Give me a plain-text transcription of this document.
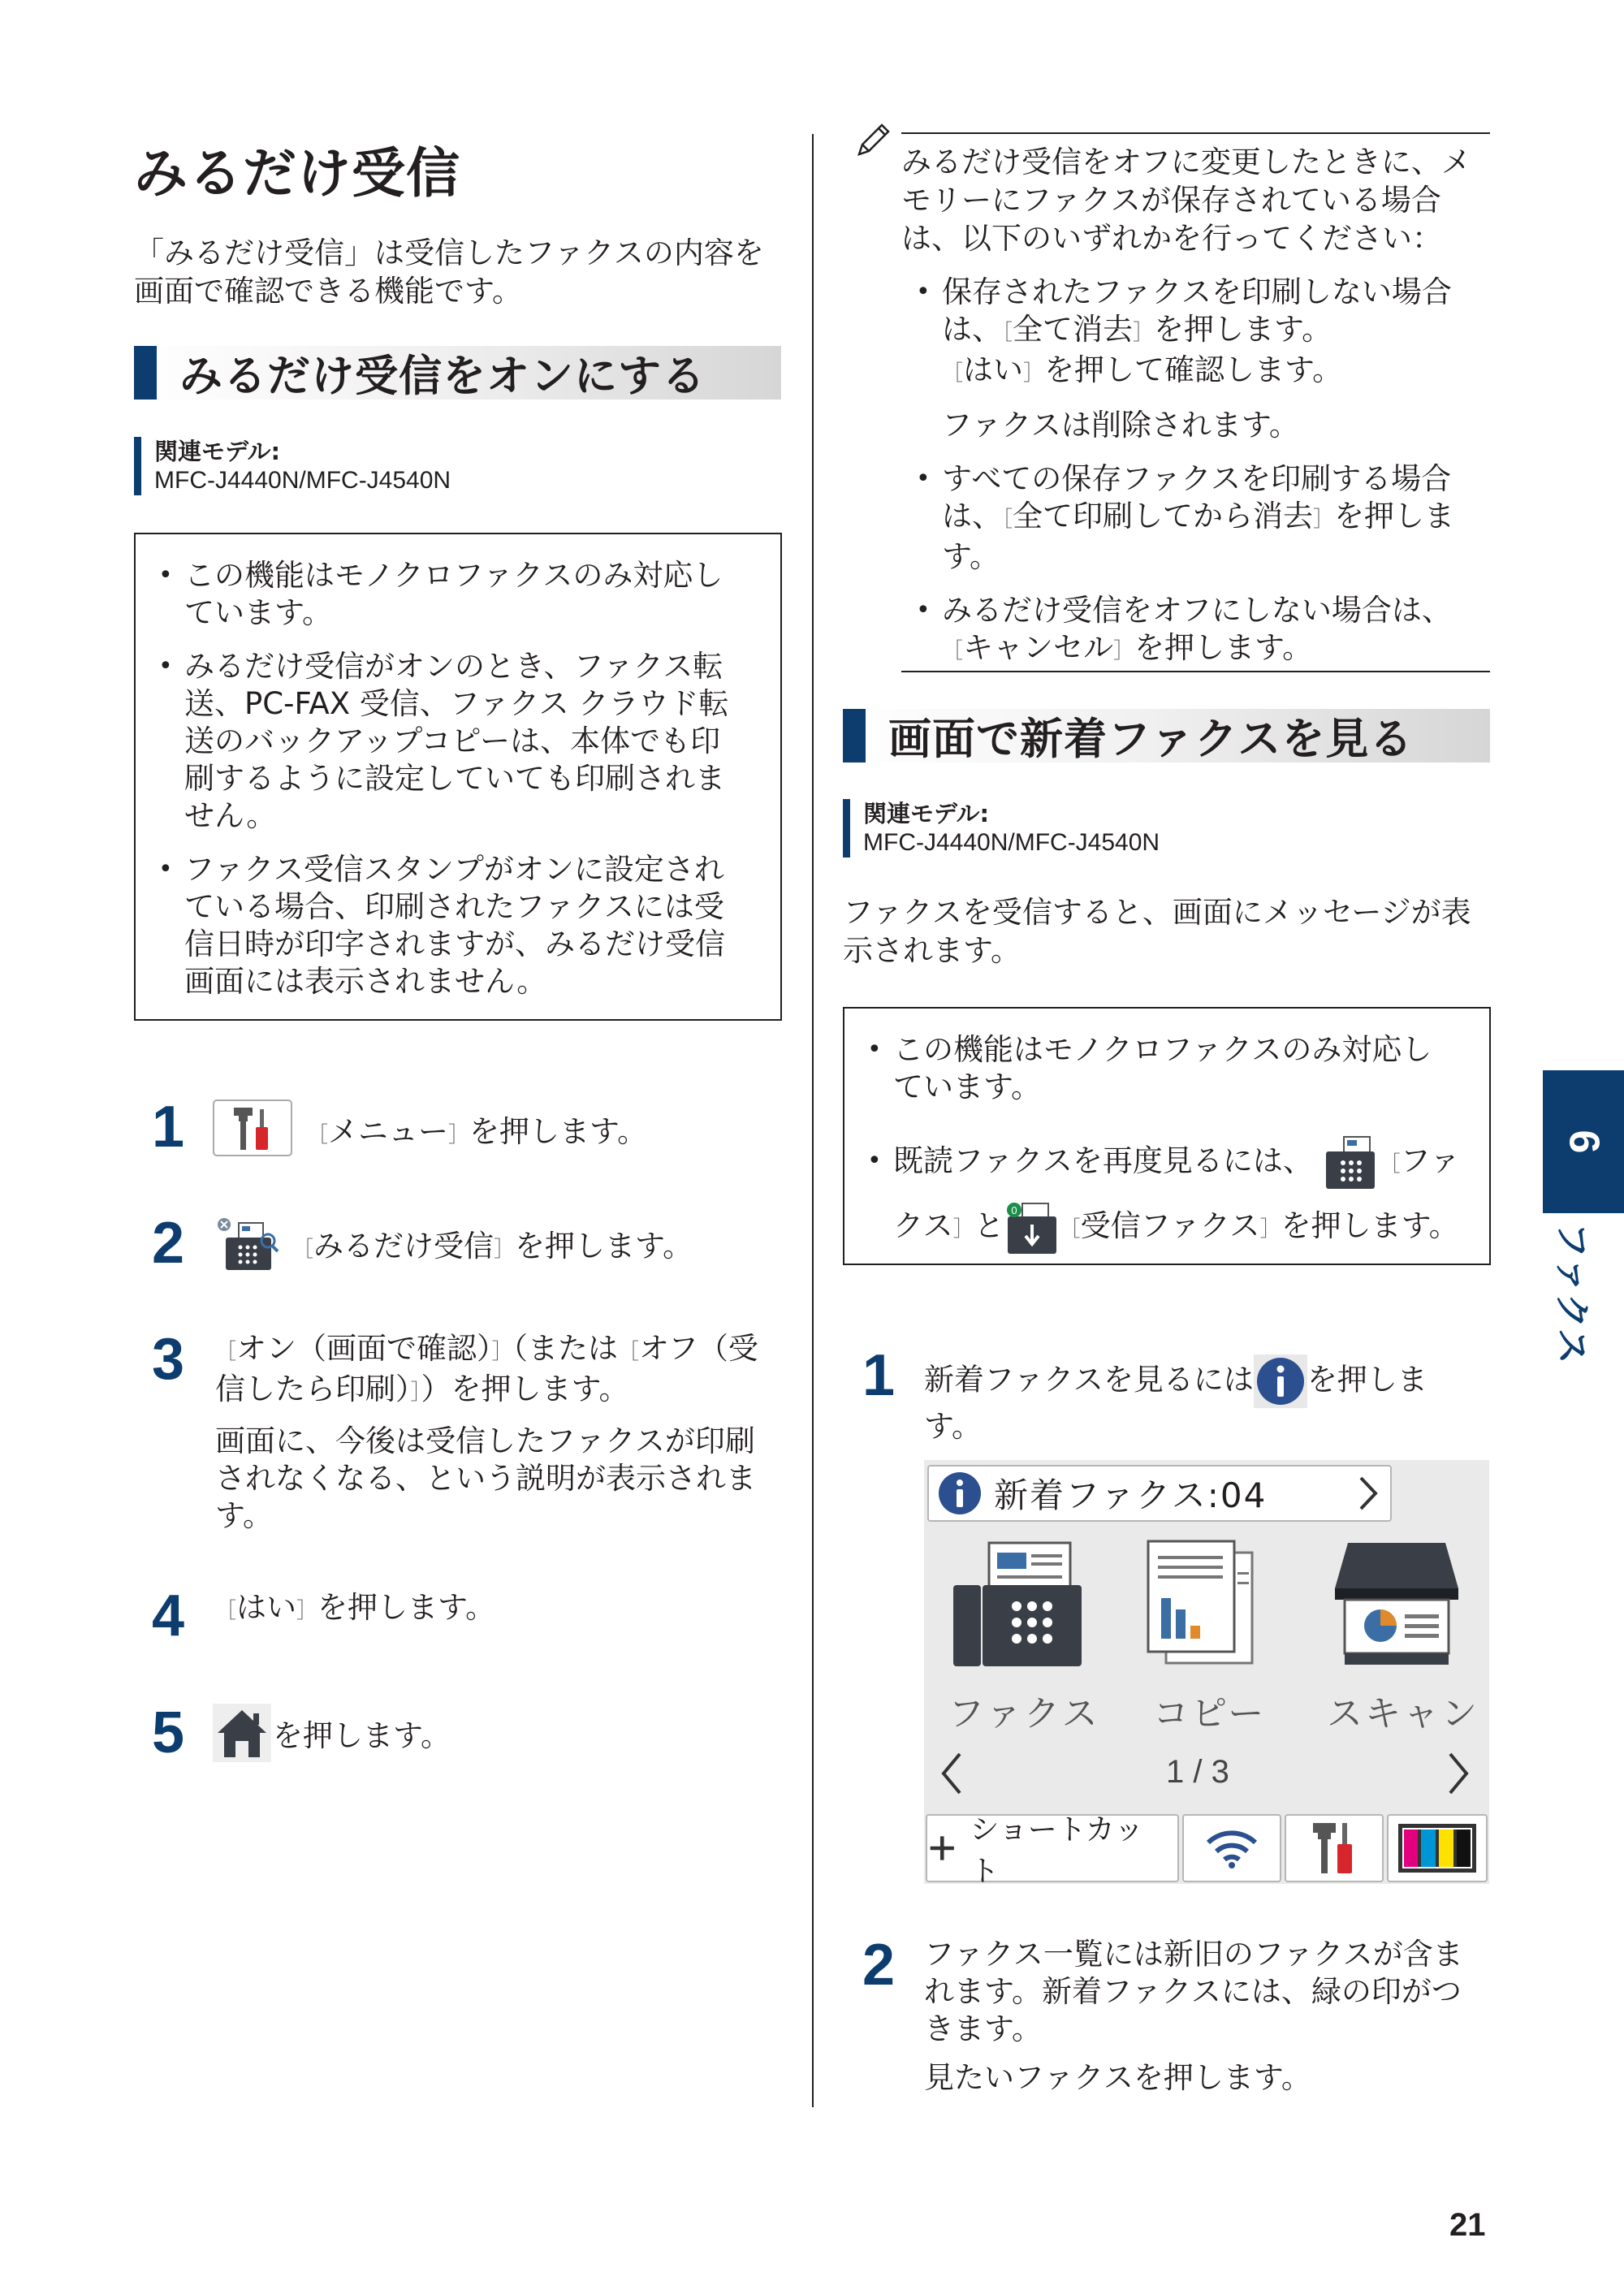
みるだけ受信

「みるだけ受信」は受信したファクスの内容を

画面で確認できる機能です。

みるだけ受信をオンにする
関連モデル:
MFC-J4440N/MFC-J4540N
• この機能はモノクロファクスのみ対応し
ています。
• みるだけ受信がオンのとき、ファクス転
送、PC-FAX 受信、ファクス クラウド転
送のバックアップコピーは、本体でも印
刷するように設定していても印刷されま
せん。
• ファクス受信スタンプがオンに設定され
ている場合、印刷されたファクスには受
信日時が印字されますが、みるだけ受信
画面には表示されません。
1	［メニュー］を押します。
2	［みるだけ受信］を押します。
3 ［オン（画面で確認）］（または［オフ（受
信したら印刷）］）を押します。
画面に、今後は受信したファクスが印刷
されなくなる、という説明が表示されま
す。
4 ［はい］を押します。
5	を押します。

みるだけ受信をオフに変更したときに、メ

モリーにファクスが保存されている場合

は、以下のいずれかを行ってください：

• 保存されたファクスを印刷しない場合
は、［全て消去］を押します。
［はい］を押して確認します。
ファクスは削除されます。
• すべての保存ファクスを印刷する場合
は、［全て印刷してから消去］を押しま
す。
• みるだけ受信をオフにしない場合は、
［キャンセル］を押します。
画面で新着ファクスを見る
関連モデル:
MFC-J4440N/MFC-J4540N

ファクスを受信すると、画面にメッセージが表

示されます。

• この機能はモノクロファクスのみ対応し
ています。
• 既読ファクスを再度見るには、	［ファ
クス］と 0
［受信ファクス］を押します。
1 新着ファクスを見るには を押しま
す。
新着ファクス:04
ファクス コピー スキャン
1 / 3
ショートカット
2 ファクス一覧には新旧のファクスが含ま
れます。新着ファクスには、緑の印がつ
きます。
見たいファクスを押します。
6
ファクス
21
